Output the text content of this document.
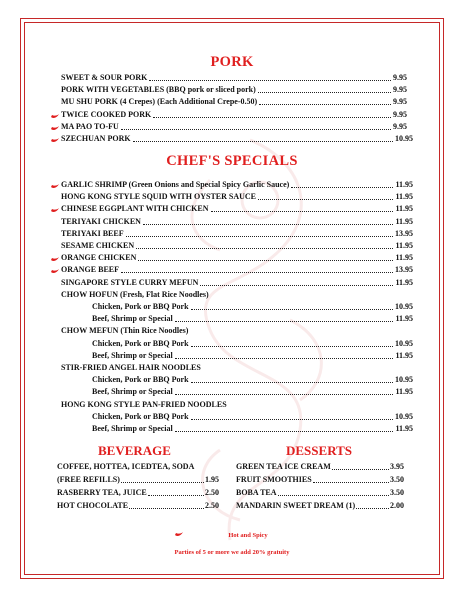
PORK
SWEET & SOUR PORK	9.95
PORK WITH VEGETABLES (BBQ pork or sliced pork)	9.95
MU SHU PORK (4 Crepes) (Each Additional Crepe-0.50)	9.95
TWICE COOKED PORK	9.95
MA PAO TO-FU	9.95
SZECHUAN PORK	10.95
CHEF'S SPECIALS
GARLIC SHRIMP (Green Onions and Special Spicy Garlic Sauce)	11.95
HONG KONG STYLE SQUID WITH OYSTER SAUCE	11.95
CHINESE EGGPLANT WITH CHICKEN	11.95
TERIYAKI CHICKEN	11.95
TERIYAKI BEEF	13.95
SESAME CHICKEN	11.95
ORANGE CHICKEN	11.95
ORANGE BEEF	13.95
SINGAPORE STYLE CURRY MEFUN	11.95
CHOW HOFUN (Fresh, Flat Rice Noodles)
Chicken, Pork or BBQ Pork	10.95
Beef, Shrimp or Special	11.95
CHOW MEFUN (Thin Rice Noodles)
Chicken, Pork or BBQ Pork	10.95
Beef, Shrimp or Special	11.95
STIR-FRIED ANGEL HAIR NOODLES
Chicken, Pork or BBQ Pork	10.95
Beef, Shrimp or Special	11.95
HONG KONG STYLE PAN-FRIED NOODLES
Chicken, Pork or BBQ Pork	10.95
Beef, Shrimp or Special	11.95
BEVERAGE
COFFEE, HOTTEA, ICEDTEA, SODA
(FREE REFILLS)	1.95
RASBERRY TEA, JUICE	2.50
HOT CHOCOLATE	2.50
DESSERTS
GREEN TEA ICE CREAM	3.95
FRUIT SMOOTHIES	3.50
BOBA TEA	3.50
MANDARIN SWEET DREAM (1)	2.00
Hot and Spicy
Parties of 5 or more we add 20% gratuity
